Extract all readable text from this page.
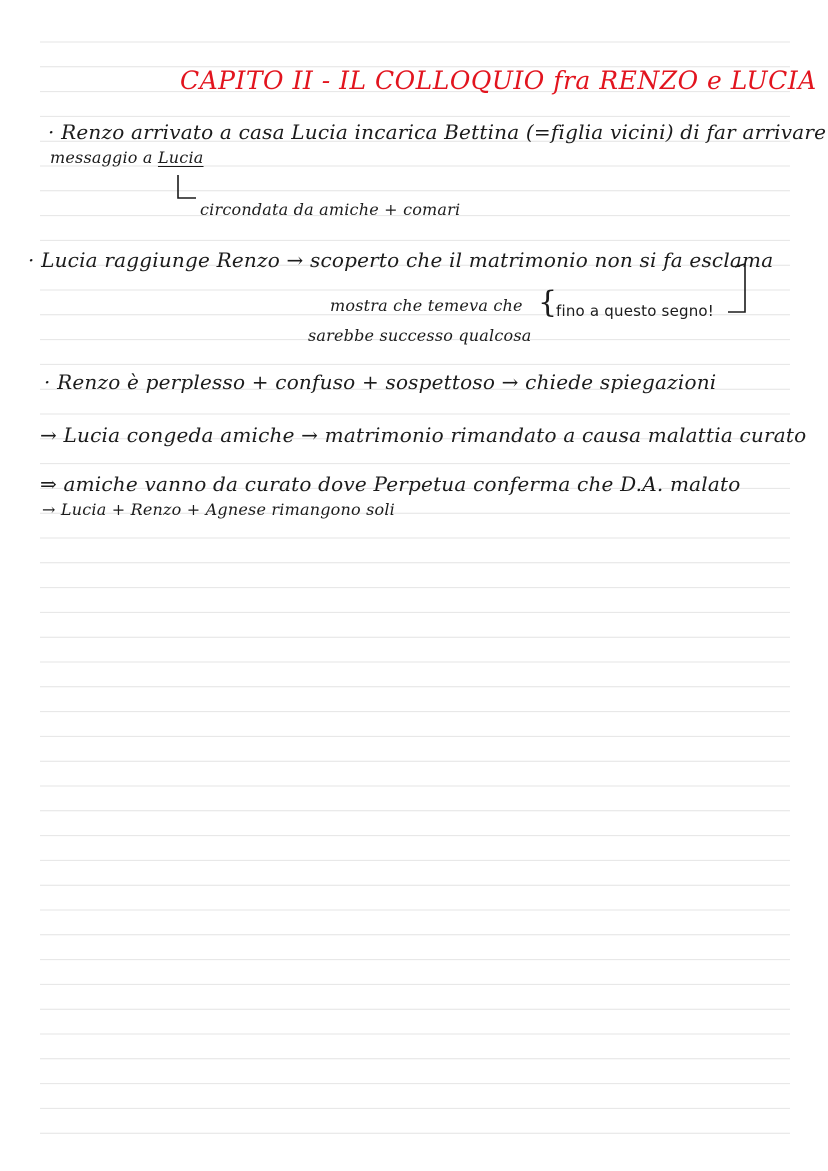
CAPITO II - IL COLLOQUIO fra RENZO e LUCIA
· Renzo arrivato a casa Lucia incarica Bettina (=figlia vicini) di far arrivare
messaggio a Lucia
circondata da amiche + comari
· Lucia raggiunge Renzo → scoperto che il matrimonio non si fa esclama
mostra che temeva che {
fino a questo segno!
sarebbe successo qualcosa
· Renzo è perplesso + confuso + sospettoso → chiede spiegazioni
→ Lucia congeda amiche → matrimonio rimandato a causa malattia curato
⇒ amiche vanno da curato dove Perpetua conferma che D.A. malato
→ Lucia + Renzo + Agnese rimangono soli
